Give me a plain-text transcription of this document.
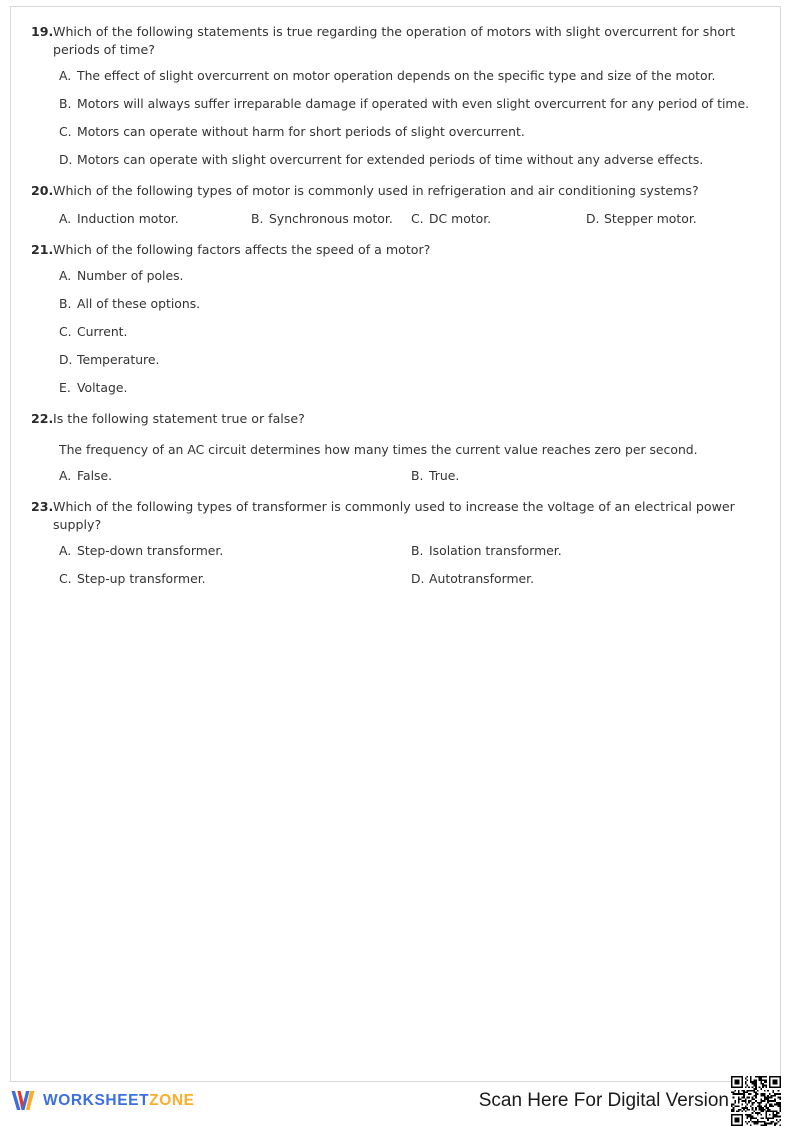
19. Which of the following statements is true regarding the operation of motors with slight overcurrent for short periods of time?
A. The effect of slight overcurrent on motor operation depends on the specific type and size of the motor.
B. Motors will always suffer irreparable damage if operated with even slight overcurrent for any period of time.
C. Motors can operate without harm for short periods of slight overcurrent.
D. Motors can operate with slight overcurrent for extended periods of time without any adverse effects.
20. Which of the following types of motor is commonly used in refrigeration and air conditioning systems?
A. Induction motor.	B. Synchronous motor. C. DC motor.	D. Stepper motor.
21. Which of the following factors affects the speed of a motor?
A. Number of poles.
B. All of these options.
C. Current.
D. Temperature.
E. Voltage.
22. Is the following statement true or false?
The frequency of an AC circuit determines how many times the current value reaches zero per second.
A. False.	B. True.
23. Which of the following types of transformer is commonly used to increase the voltage of an electrical power supply?
A. Step-down transformer.	B. Isolation transformer.
C. Step-up transformer.	D. Autotransformer.
WORKSHEETZONE	Scan Here For Digital Version
